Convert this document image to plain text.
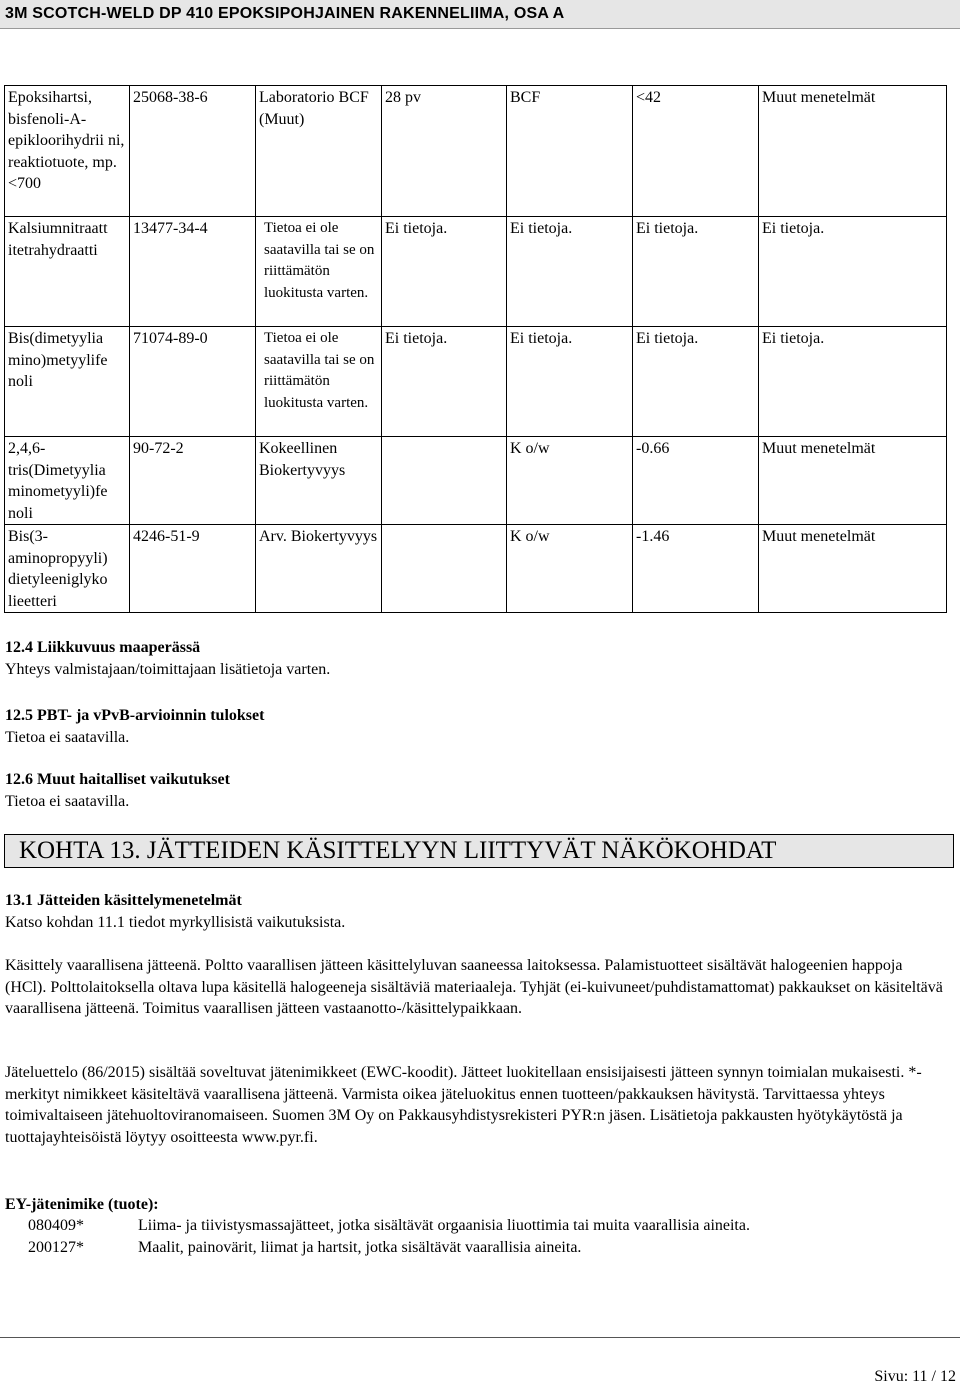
3M SCOTCH-WELD DP 410 EPOKSIPOHJAINEN RAKENNELIIMA, OSA A
Epoksihartsi, bisfenoli-A-epikloorihydrii ni, reaktiotuote, mp.<700	25068-38-6	Laboratorio BCF (Muut)	28 pv	BCF	<42	Muut menetelmät
Kalsiumnitraatt itetrahydraatti	13477-34-4	Tietoa ei ole saatavilla tai se on riittämätön luokitusta varten.	Ei tietoja.	Ei tietoja.	Ei tietoja.	Ei tietoja.
Bis(dimetyylia mino)metyylife noli	71074-89-0	Tietoa ei ole saatavilla tai se on riittämätön luokitusta varten.	Ei tietoja.	Ei tietoja.	Ei tietoja.	Ei tietoja.
2,4,6-tris(Dimetyylia minometyyli)fe noli	90-72-2	Kokeellinen Biokertyvyys		K o/w	-0.66	Muut menetelmät
Bis(3-aminopropyyli) dietyleeniglyko lieetteri	4246-51-9	Arv. Biokertyvyys		K o/w	-1.46	Muut menetelmät
12.4 Liikkuvuus maaperässä
Yhteys valmistajaan/toimittajaan lisätietoja varten.
12.5 PBT- ja vPvB-arvioinnin tulokset
Tietoa ei saatavilla.
12.6 Muut haitalliset vaikutukset
Tietoa ei saatavilla.
KOHTA 13. JÄTTEIDEN KÄSITTELYYN LIITTYVÄT NÄKÖKOHDAT
13.1 Jätteiden käsittelymenetelmät
Katso kohdan 11.1 tiedot myrkyllisistä vaikutuksista.
Käsittely vaarallisena jätteenä. Poltto vaarallisen jätteen käsittelyluvan saaneessa laitoksessa. Palamistuotteet sisältävät halogeenien happoja (HCl). Polttolaitoksella oltava lupa käsitellä halogeeneja sisältäviä materiaaleja. Tyhjät (ei-kuivuneet/puhdistamattomat) pakkaukset on käsiteltävä vaarallisena jätteenä. Toimitus vaarallisen jätteen vastaanotto-/käsittelypaikkaan.
Jäteluettelo (86/2015) sisältää soveltuvat jätenimikkeet (EWC-koodit). Jätteet luokitellaan ensisijaisesti jätteen synnyn toimialan mukaisesti. *-merkityt nimikkeet käsiteltävä vaarallisena jätteenä. Varmista oikea jäteluokitus ennen tuotteen/pakkauksen hävitystä. Tarvittaessa yhteys toimivaltaiseen jätehuoltoviranomaiseen. Suomen 3M Oy on Pakkausyhdistysrekisteri PYR:n jäsen. Lisätietoja pakkausten hyötykäytöstä ja tuottajayhteisöistä löytyy osoitteesta www.pyr.fi.
EY-jätenimike (tuote):
080409*	Liima- ja tiivistysmassajätteet, jotka sisältävät orgaanisia liuottimia tai muita vaarallisia aineita.
200127*	Maalit, painovärit, liimat ja hartsit, jotka sisältävät vaarallisia aineita.
Sivu: 11 / 12
